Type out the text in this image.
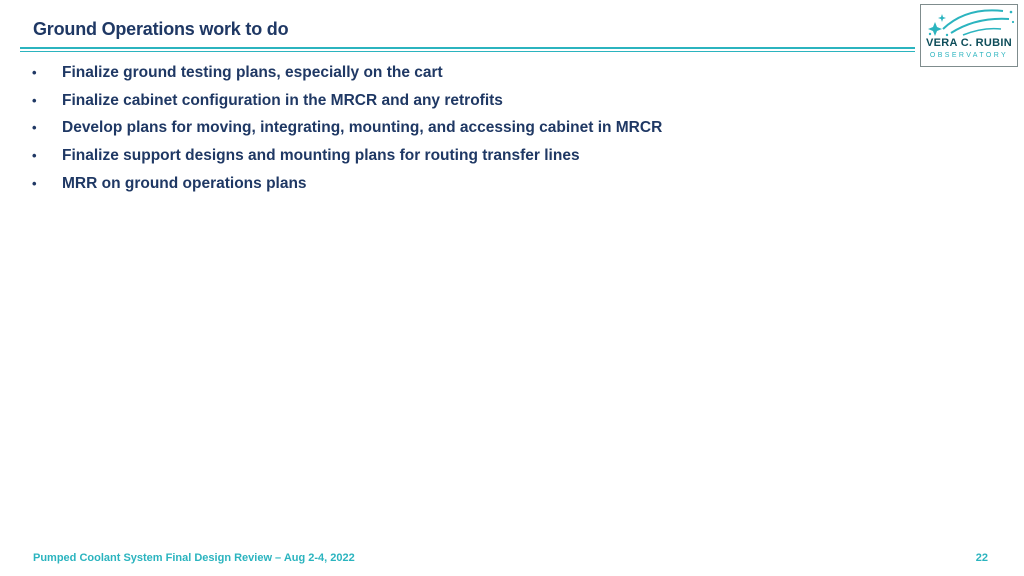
Ground Operations work to do
VERA C. RUBIN
OBSERVATORY
• Finalize ground testing plans, especially on the cart
• Finalize cabinet configuration in the MRCR and any retrofits
• Develop plans for moving, integrating, mounting, and accessing cabinet in MRCR
• Finalize support designs and mounting plans for routing transfer lines
• MRR on ground operations plans
Pumped Coolant System Final Design Review – Aug 2-4, 2022	22
